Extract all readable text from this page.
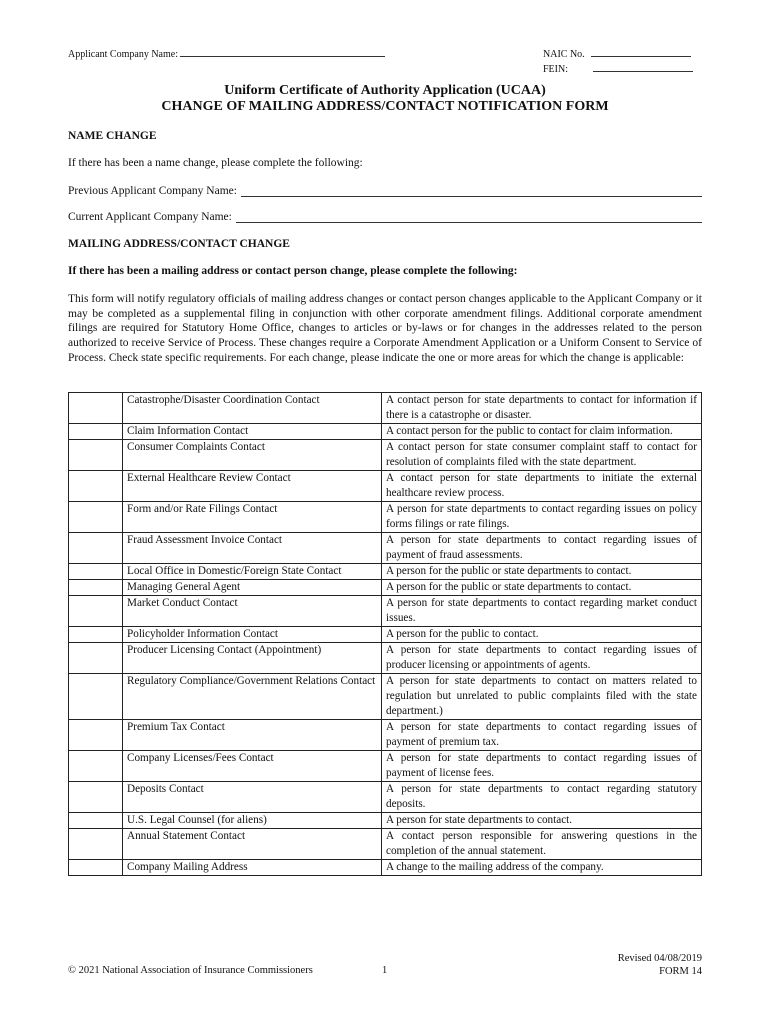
Applicant Company Name:	NAIC No.
FEIN:
Uniform Certificate of Authority Application (UCAA)
CHANGE OF MAILING ADDRESS/CONTACT NOTIFICATION FORM
NAME CHANGE
If there has been a name change, please complete the following:
Previous Applicant Company Name:
Current Applicant Company Name:
MAILING ADDRESS/CONTACT CHANGE
If there has been a mailing address or contact person change, please complete the following:
This form will notify regulatory officials of mailing address changes or contact person changes applicable to the Applicant Company or it may be completed as a supplemental filing in conjunction with other corporate amendment filings. Additional corporate amendment filings are required for Statutory Home Office, changes to articles or by-laws or for changes in the addresses related to the person authorized to receive Service of Process. These changes require a Corporate Amendment Application or a Uniform Consent to Service of Process. Check state specific requirements. For each change, please indicate the one or more areas for which the change is applicable:
	Catastrophe/Disaster Coordination Contact	A contact person for state departments to contact for information if there is a catastrophe or disaster.
	Claim Information Contact	A contact person for the public to contact for claim information.
	Consumer Complaints Contact	A contact person for state consumer complaint staff to contact for resolution of complaints filed with the state department.
	External Healthcare Review Contact	A contact person for state departments to initiate the external healthcare review process.
	Form and/or Rate Filings Contact	A person for state departments to contact regarding issues on policy forms filings or rate filings.
	Fraud Assessment Invoice Contact	A person for state departments to contact regarding issues of payment of fraud assessments.
	Local Office in Domestic/Foreign State Contact	A person for the public or state departments to contact.
	Managing General Agent	A person for the public or state departments to contact.
	Market Conduct Contact	A person for state departments to contact regarding market conduct issues.
	Policyholder Information Contact	A person for the public to contact.
	Producer Licensing Contact (Appointment)	A person for state departments to contact regarding issues of producer licensing or appointments of agents.
	Regulatory Compliance/Government Relations Contact	A person for state departments to contact on matters related to regulation but unrelated to public complaints filed with the state department.)
	Premium Tax Contact	A person for state departments to contact regarding issues of payment of premium tax.
	Company Licenses/Fees Contact	A person for state departments to contact regarding issues of payment of license fees.
	Deposits Contact	A person for state departments to contact regarding statutory deposits.
	U.S. Legal Counsel (for aliens)	A person for state departments to contact.
	Annual Statement Contact	A contact person responsible for answering questions in the completion of the annual statement.
	Company Mailing Address	A change to the mailing address of the company.
© 2021 National Association of Insurance Commissioners	1
Revised 04/08/2019
FORM 14
